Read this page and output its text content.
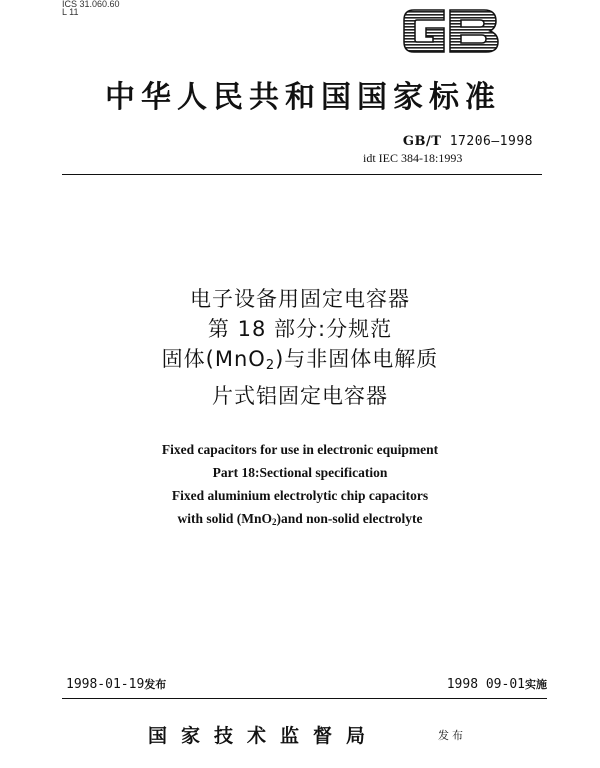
ICS 31.060.60
L 11
中华人民共和国国家标准
GB/T 17206—1998
idt IEC 384-18:1993
电子设备用固定电容器
第 18 部分:分规范
固体(MnO$_2$)与非固体电解质
片式铝固定电容器
Fixed capacitors for use in electronic equipment
Part 18:Sectional specification
Fixed aluminium electrolytic chip capacitors
with solid (MnO$_2$)and non-solid electrolyte
1998-01-19发布	1998 09-01实施
国家技术监督局	发布
